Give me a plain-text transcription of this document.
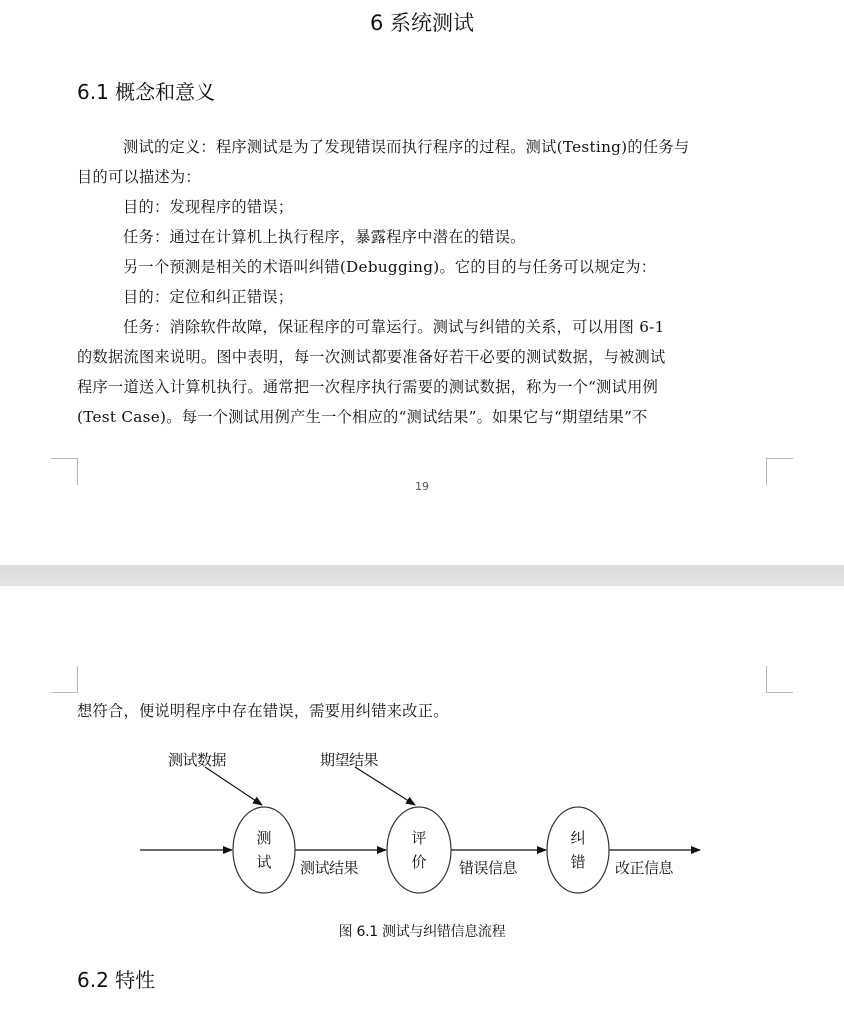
6 系统测试
6.1 概念和意义
测试的定义：程序测试是为了发现错误而执行程序的过程。测试(Testing)的任务与
目的可以描述为：
目的：发现程序的错误；
任务：通过在计算机上执行程序，暴露程序中潜在的错误。
另一个预测是相关的术语叫纠错(Debugging)。它的目的与任务可以规定为：
目的：定位和纠正错误；
任务：消除软件故障，保证程序的可靠运行。测试与纠错的关系，可以用图 6-1
的数据流图来说明。图中表明，每一次测试都要准备好若干必要的测试数据，与被测试
程序一道送入计算机执行。通常把一次程序执行需要的测试数据，称为一个“测试用例
(Test Case)。每一个测试用例产生一个相应的“测试结果”。如果它与“期望结果”不
19
想符合，便说明程序中存在错误，需要用纠错来改正。
测试数据	期望结果
测
试
评
价
纠
错
测试结果	错误信息	改正信息
图 6.1 测试与纠错信息流程
6.2 特性
